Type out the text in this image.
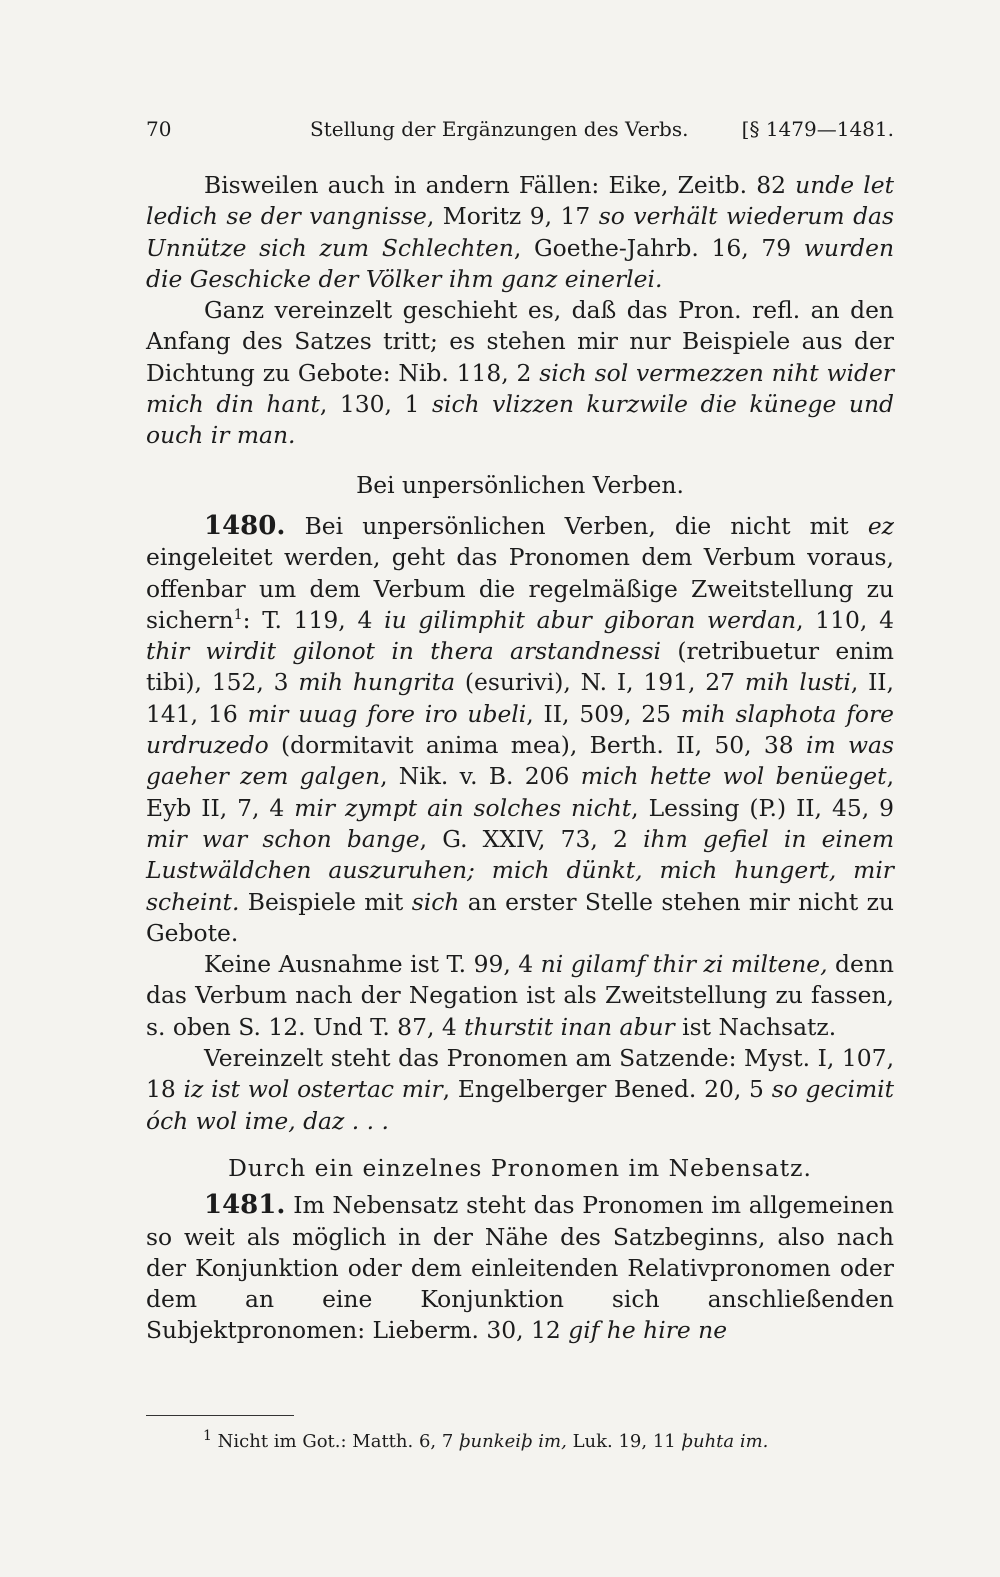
70	Stellung der Ergänzungen des Verbs.	[§ 1479—1481.

Bisweilen auch in andern Fällen: Eike, Zeitb. 82 unde let ledich se der vangnisse, Moritz 9, 17 so verhält wiederum das Unnütze sich zum Schlechten, Goethe-Jahrb. 16, 79 wurden die Geschicke der Völker ihm ganz einerlei.

Ganz vereinzelt geschieht es, daß das Pron. refl. an den Anfang des Satzes tritt; es stehen mir nur Beispiele aus der Dichtung zu Gebote: Nib. 118, 2 sich sol vermezzen niht wider mich din hant, 130, 1 sich vlizzen kurzwile die künege und ouch ir man.

Bei unpersönlichen Verben.

1480. Bei unpersönlichen Verben, die nicht mit ez eingeleitet werden, geht das Pronomen dem Verbum voraus, offenbar um dem Verbum die regelmäßige Zweitstellung zu sichern$^1$: T. 119, 4 iu gilimphit abur giboran werdan, 110, 4 thir wirdit gilonot in thera arstandnessi (retribuetur enim tibi), 152, 3 mih hungrita (esurivi), N. I, 191, 27 mih lusti, II, 141, 16 mir uuag fore iro ubeli, II, 509, 25 mih slaphota fore urdruzedo (dormitavit anima mea), Berth. II, 50, 38 im was gaeher zem galgen, Nik. v. B. 206 mich hette wol benüeget, Eyb II, 7, 4 mir zympt ain solches nicht, Lessing (P.) II, 45, 9 mir war schon bange, G. XXIV, 73, 2 ihm gefiel in einem Lustwäldchen auszuruhen; mich dünkt, mich hungert, mir scheint. Beispiele mit sich an erster Stelle stehen mir nicht zu Gebote.

Keine Ausnahme ist T. 99, 4 ni gilamf thir zi miltene, denn das Verbum nach der Negation ist als Zweitstellung zu fassen, s. oben S. 12. Und T. 87, 4 thurstit inan abur ist Nachsatz.

Vereinzelt steht das Pronomen am Satzende: Myst. I, 107, 18 iz ist wol ostertac mir, Engelberger Bened. 20, 5 so gecimit óch wol ime, daz . . .

Durch ein einzelnes Pronomen im Nebensatz.

1481. Im Nebensatz steht das Pronomen im allgemeinen so weit als möglich in der Nähe des Satzbeginns, also nach der Konjunktion oder dem einleitenden Relativpronomen oder dem an eine Konjunktion sich anschließenden Subjektpronomen: Lieberm. 30, 12 gif he hire ne

$^1$ Nicht im Got.: Matth. 6, 7 þunkeiþ im, Luk. 19, 11 þuhta im.
